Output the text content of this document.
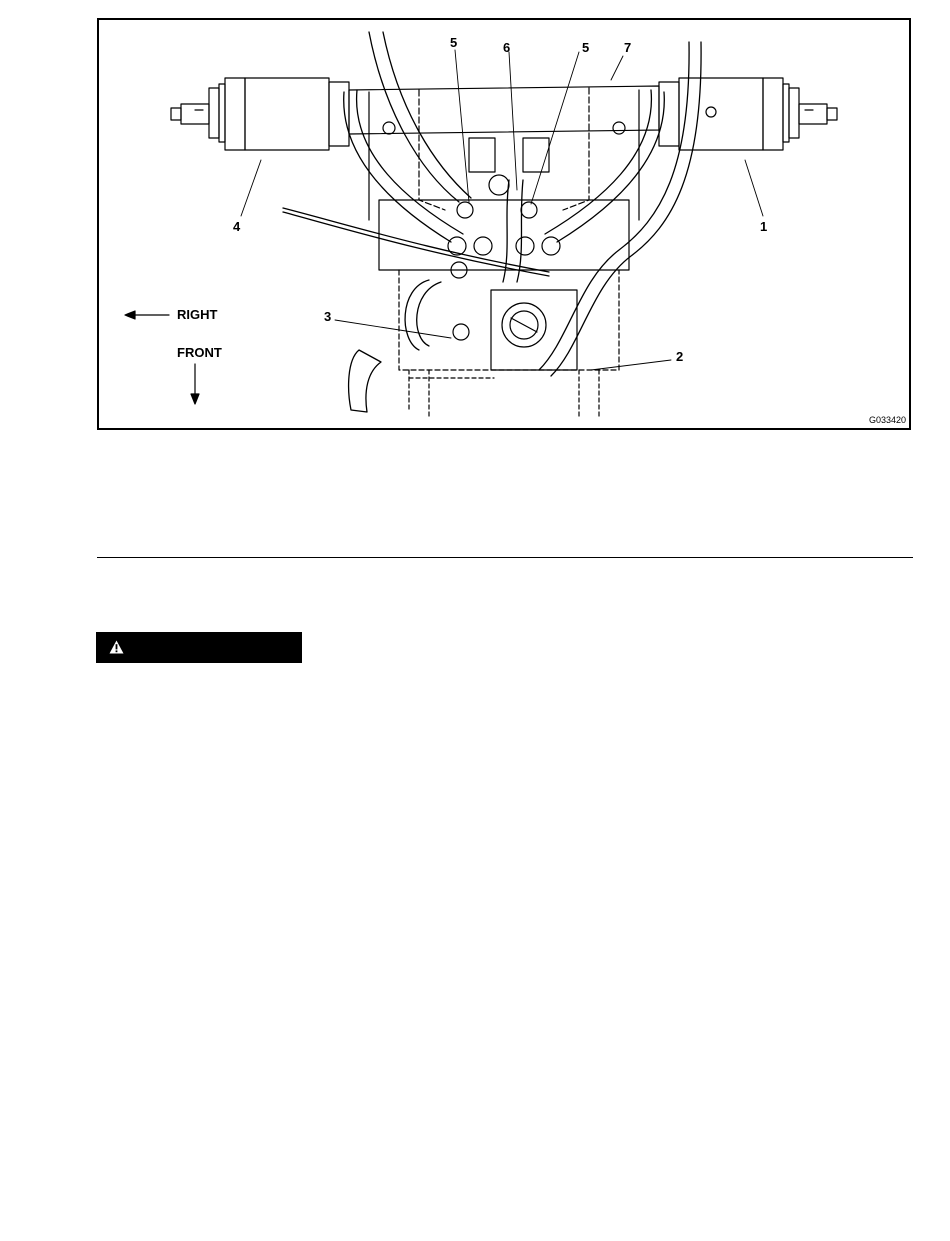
5	6	5	7
4	1
3
2
RIGHT
FRONT
G033420
